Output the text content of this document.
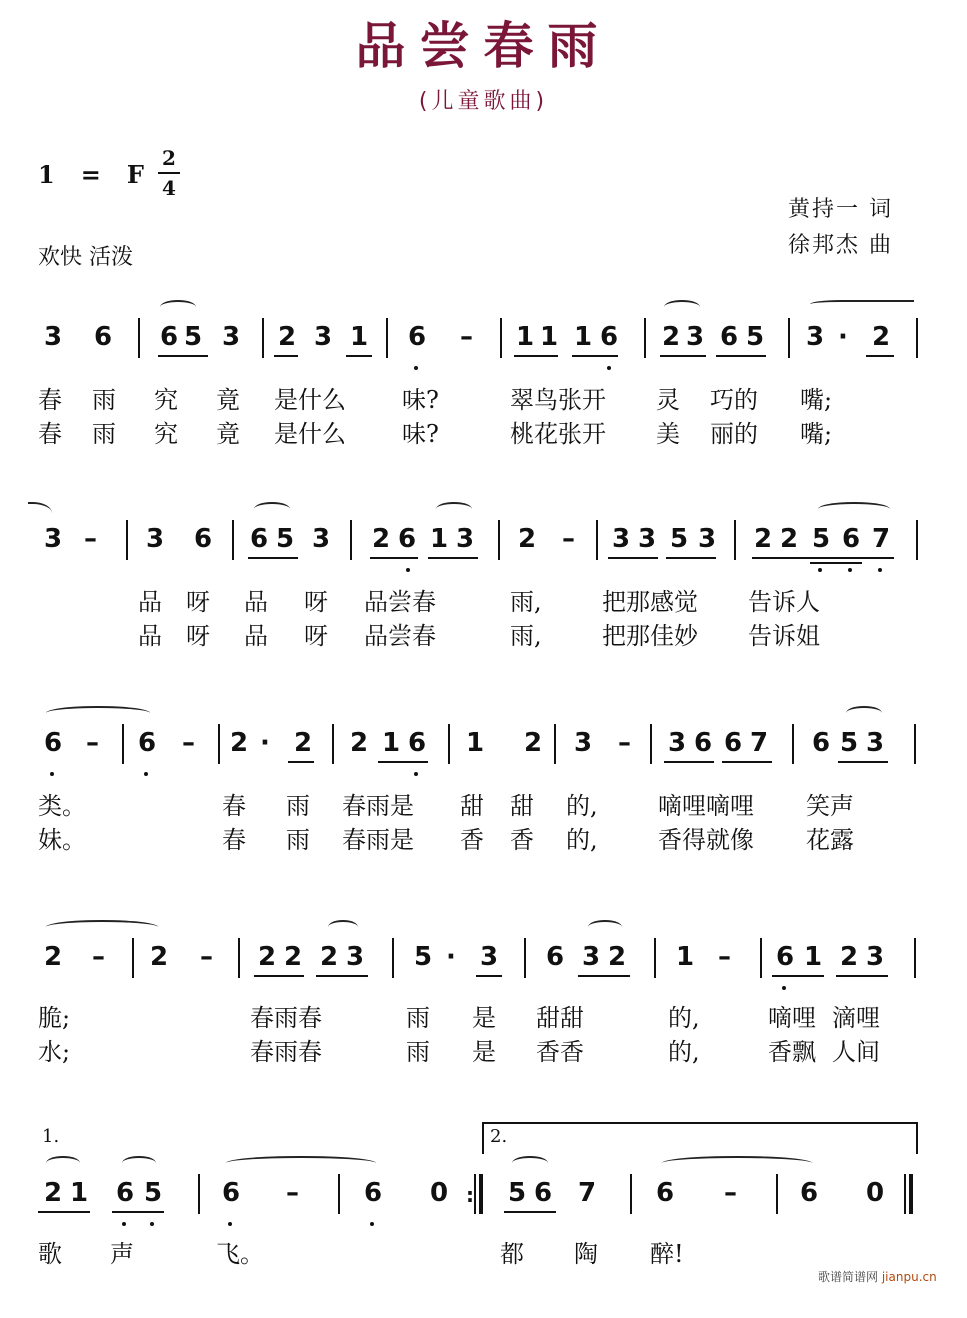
品尝春雨
(儿童歌曲)
1 = F
2
4
欢快 活泼
黄持一 词
徐邦杰 曲
3 6 6 5 3 2 3 1 6 – 1 1 1 6 2 3 6 5 3 · 2
春 雨 究 竟 是什么 味?	翠鸟张开 灵 巧的 嘴;
春 雨 究 竟 是什么 味?	桃花张开 美 丽的 嘴;
3 – 3 6 6 5 3 2 6 1 3 2 – 3 3 5 3 2 2 5 6 7
品 呀 品 呀 品尝春	雨,	把那感觉 告诉人
品 呀 品 呀 品尝春	雨,	把那佳妙 告诉姐
6 – 6 – 2 · 2 2 1 6 1 2 3 – 3 6 6 7 6 5 3
类。	春 雨 春雨是 甜 甜 的,	嘀哩嘀哩 笑声
妹。	春 雨 春雨是 香 香 的,	香得就像 花露
2 – 2 – 2 2 2 3 5 · 3 6 3 2 1 – 6 1 2 3
脆;	春雨春	雨 是 甜甜	的,	嘀哩 滴哩
水;	春雨春	雨 是 香香	的,	香飘 人间
1.	2.
2 1 6 5 6 –	6 0 : 5 6 7 6 – 6 0
歌 声	飞。	都 陶 醉!
歌谱简谱网 jianpu.cn
